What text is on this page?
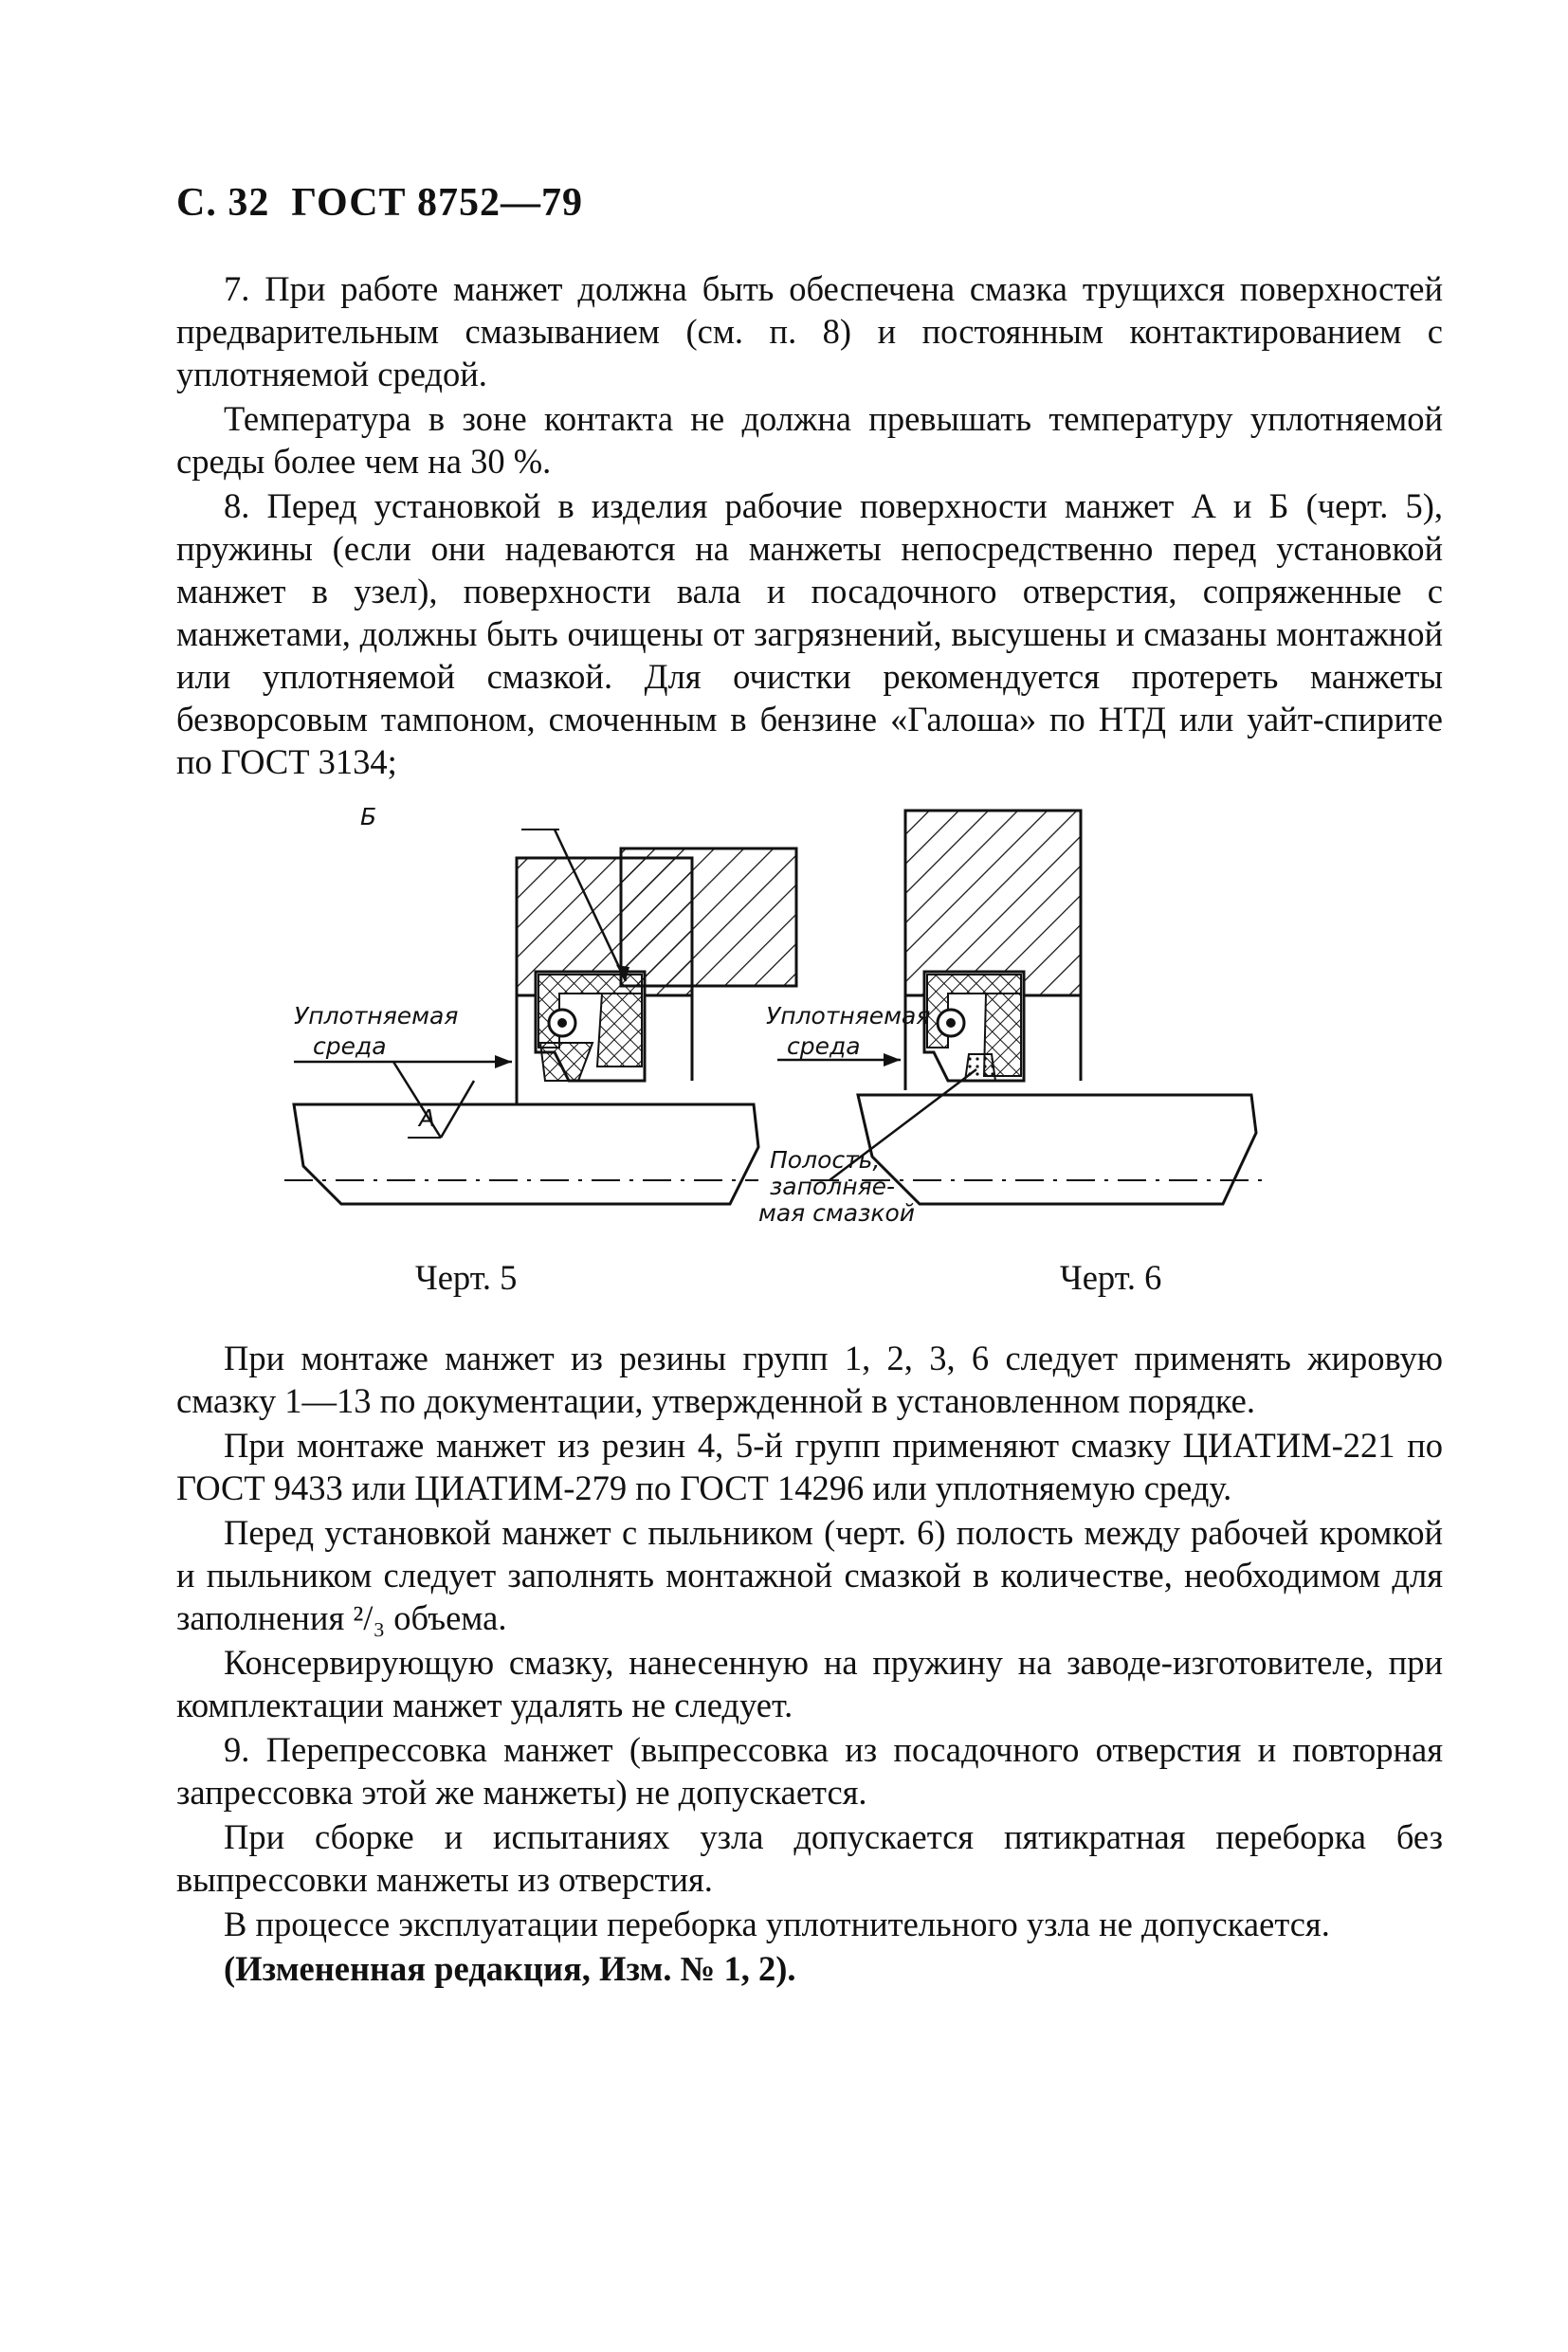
С. 32 ГОСТ 8752—79

7. При работе манжет должна быть обеспечена смазка трущихся поверхностей предварительным смазыванием (см. п. 8) и постоянным контактированием с уплотняемой средой.

Температура в зоне контакта не должна превышать температуру уплотняемой среды более чем на 30 %.

8. Перед установкой в изделия рабочие поверхности манжет А и Б (черт. 5), пружины (если они надеваются на манжеты непосредственно перед установкой манжет в узел), поверхности вала и посадочного отверстия, сопряженные с манжетами, должны быть очищены от загрязнений, высушены и смазаны монтажной или уплотняемой смазкой. Для очистки рекомендуется протереть манжеты безворсовым тампоном, смоченным в бензине «Галоша» по НТД или уайт-спирите по ГОСТ 3134;

Б
А
Уплотняемая
среда
Уплотняемая
среда
Полость,
заполняе-
мая смазкой
Черт. 5	Черт. 6

При монтаже манжет из резины групп 1, 2, 3, 6 следует применять жировую смазку 1—13 по документации, утвержденной в установленном порядке.

При монтаже манжет из резин 4, 5-й групп применяют смазку ЦИАТИМ-221 по ГОСТ 9433 или ЦИАТИМ-279 по ГОСТ 14296 или уплотняемую среду.

Перед установкой манжет с пыльником (черт. 6) полость между рабочей кромкой и пыльником следует заполнять монтажной смазкой в количестве, необходимом для заполнения ²/₃ объема.

Консервирующую смазку, нанесенную на пружину на заводе-изготовителе, при комплектации манжет удалять не следует.

9. Перепрессовка манжет (выпрессовка из посадочного отверстия и повторная запрессовка этой же манжеты) не допускается.

При сборке и испытаниях узла допускается пятикратная переборка без выпрессовки манжеты из отверстия.

В процессе эксплуатации переборка уплотнительного узла не допускается.

(Измененная редакция, Изм. № 1, 2).
